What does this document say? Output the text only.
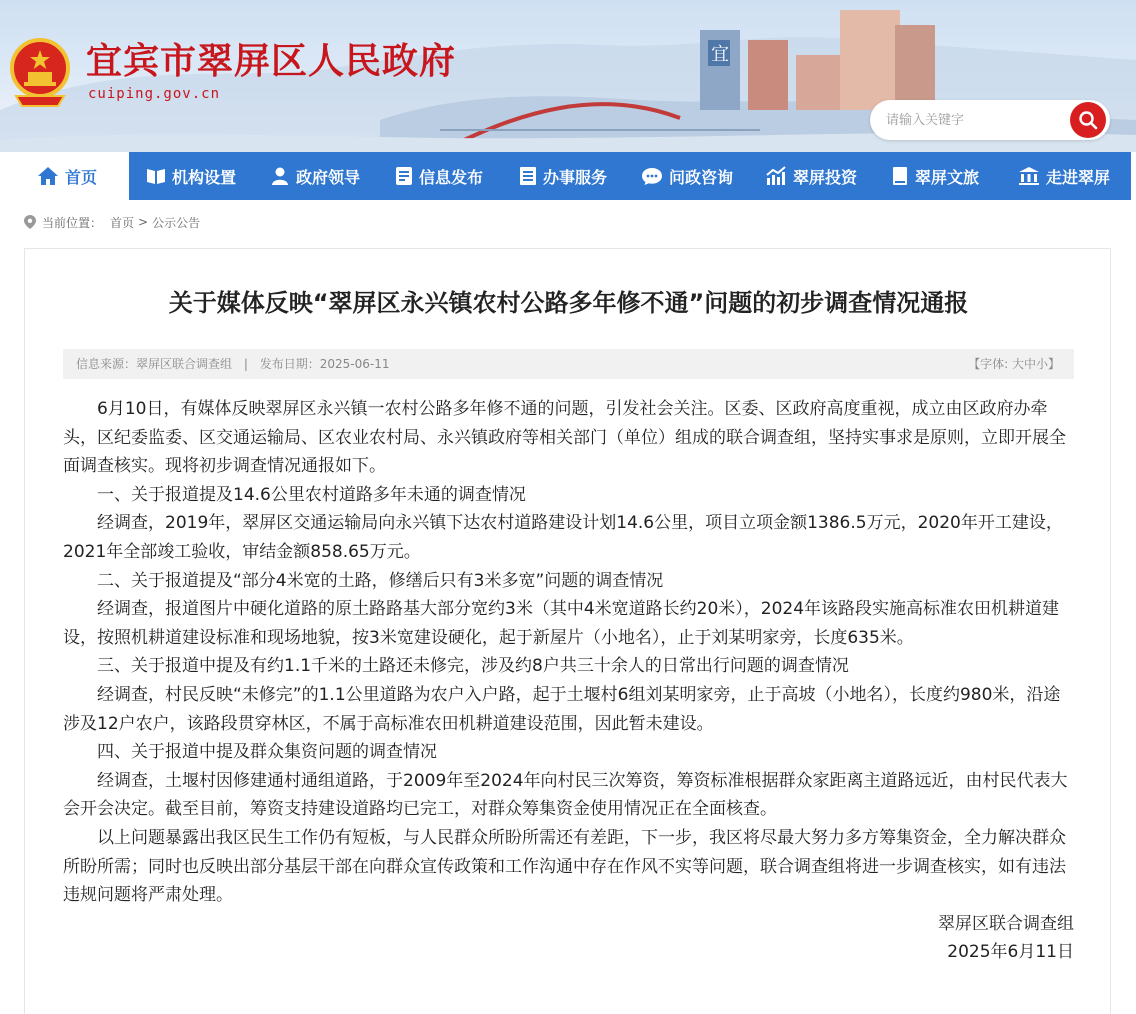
宜
宜宾市翠屏区人民政府
cuiping.gov.cn
请输入关键字
首页	机构设置	政府领导	信息发布	办事服务	问政咨询	翠屏投资	翠屏文旅	走进翠屏
当前位置： 首页 > 公示公告
关于媒体反映“翠屏区永兴镇农村公路多年修不通”问题的初步调查情况通报
信息来源：翠屏区联合调查组 | 发布日期：2025-06-11	【字体: 大中小】

6月10日，有媒体反映翠屏区永兴镇一农村公路多年修不通的问题，引发社会关注。区委、区政府高度重视，成立由区政府办牵头，区纪委监委、区交通运输局、区农业农村局、永兴镇政府等相关部门（单位）组成的联合调查组，坚持实事求是原则，立即开展全面调查核实。现将初步调查情况通报如下。

一、关于报道提及14.6公里农村道路多年未通的调查情况

经调查，2019年，翠屏区交通运输局向永兴镇下达农村道路建设计划14.6公里，项目立项金额1386.5万元，2020年开工建设，2021年全部竣工验收，审结金额858.65万元。

二、关于报道提及“部分4米宽的土路，修缮后只有3米多宽”问题的调查情况

经调查，报道图片中硬化道路的原土路路基大部分宽约3米（其中4米宽道路长约20米），2024年该路段实施高标准农田机耕道建设，按照机耕道建设标准和现场地貌，按3米宽建设硬化，起于新屋片（小地名），止于刘某明家旁，长度635米。

三、关于报道中提及有约1.1千米的土路还未修完，涉及约8户共三十余人的日常出行问题的调查情况

经调查，村民反映“未修完”的1.1公里道路为农户入户路，起于土堰村6组刘某明家旁，止于高坡（小地名），长度约980米，沿途涉及12户农户，该路段贯穿林区，不属于高标准农田机耕道建设范围，因此暂未建设。

四、关于报道中提及群众集资问题的调查情况

经调查，土堰村因修建通村通组道路，于2009年至2024年向村民三次筹资，筹资标准根据群众家距离主道路远近，由村民代表大会开会决定。截至目前，筹资支持建设道路均已完工，对群众筹集资金使用情况正在全面核查。

以上问题暴露出我区民生工作仍有短板，与人民群众所盼所需还有差距，下一步，我区将尽最大努力多方筹集资金，全力解决群众所盼所需；同时也反映出部分基层干部在向群众宣传政策和工作沟通中存在作风不实等问题，联合调查组将进一步调查核实，如有违法违规问题将严肃处理。

翠屏区联合调查组
2025年6月11日
